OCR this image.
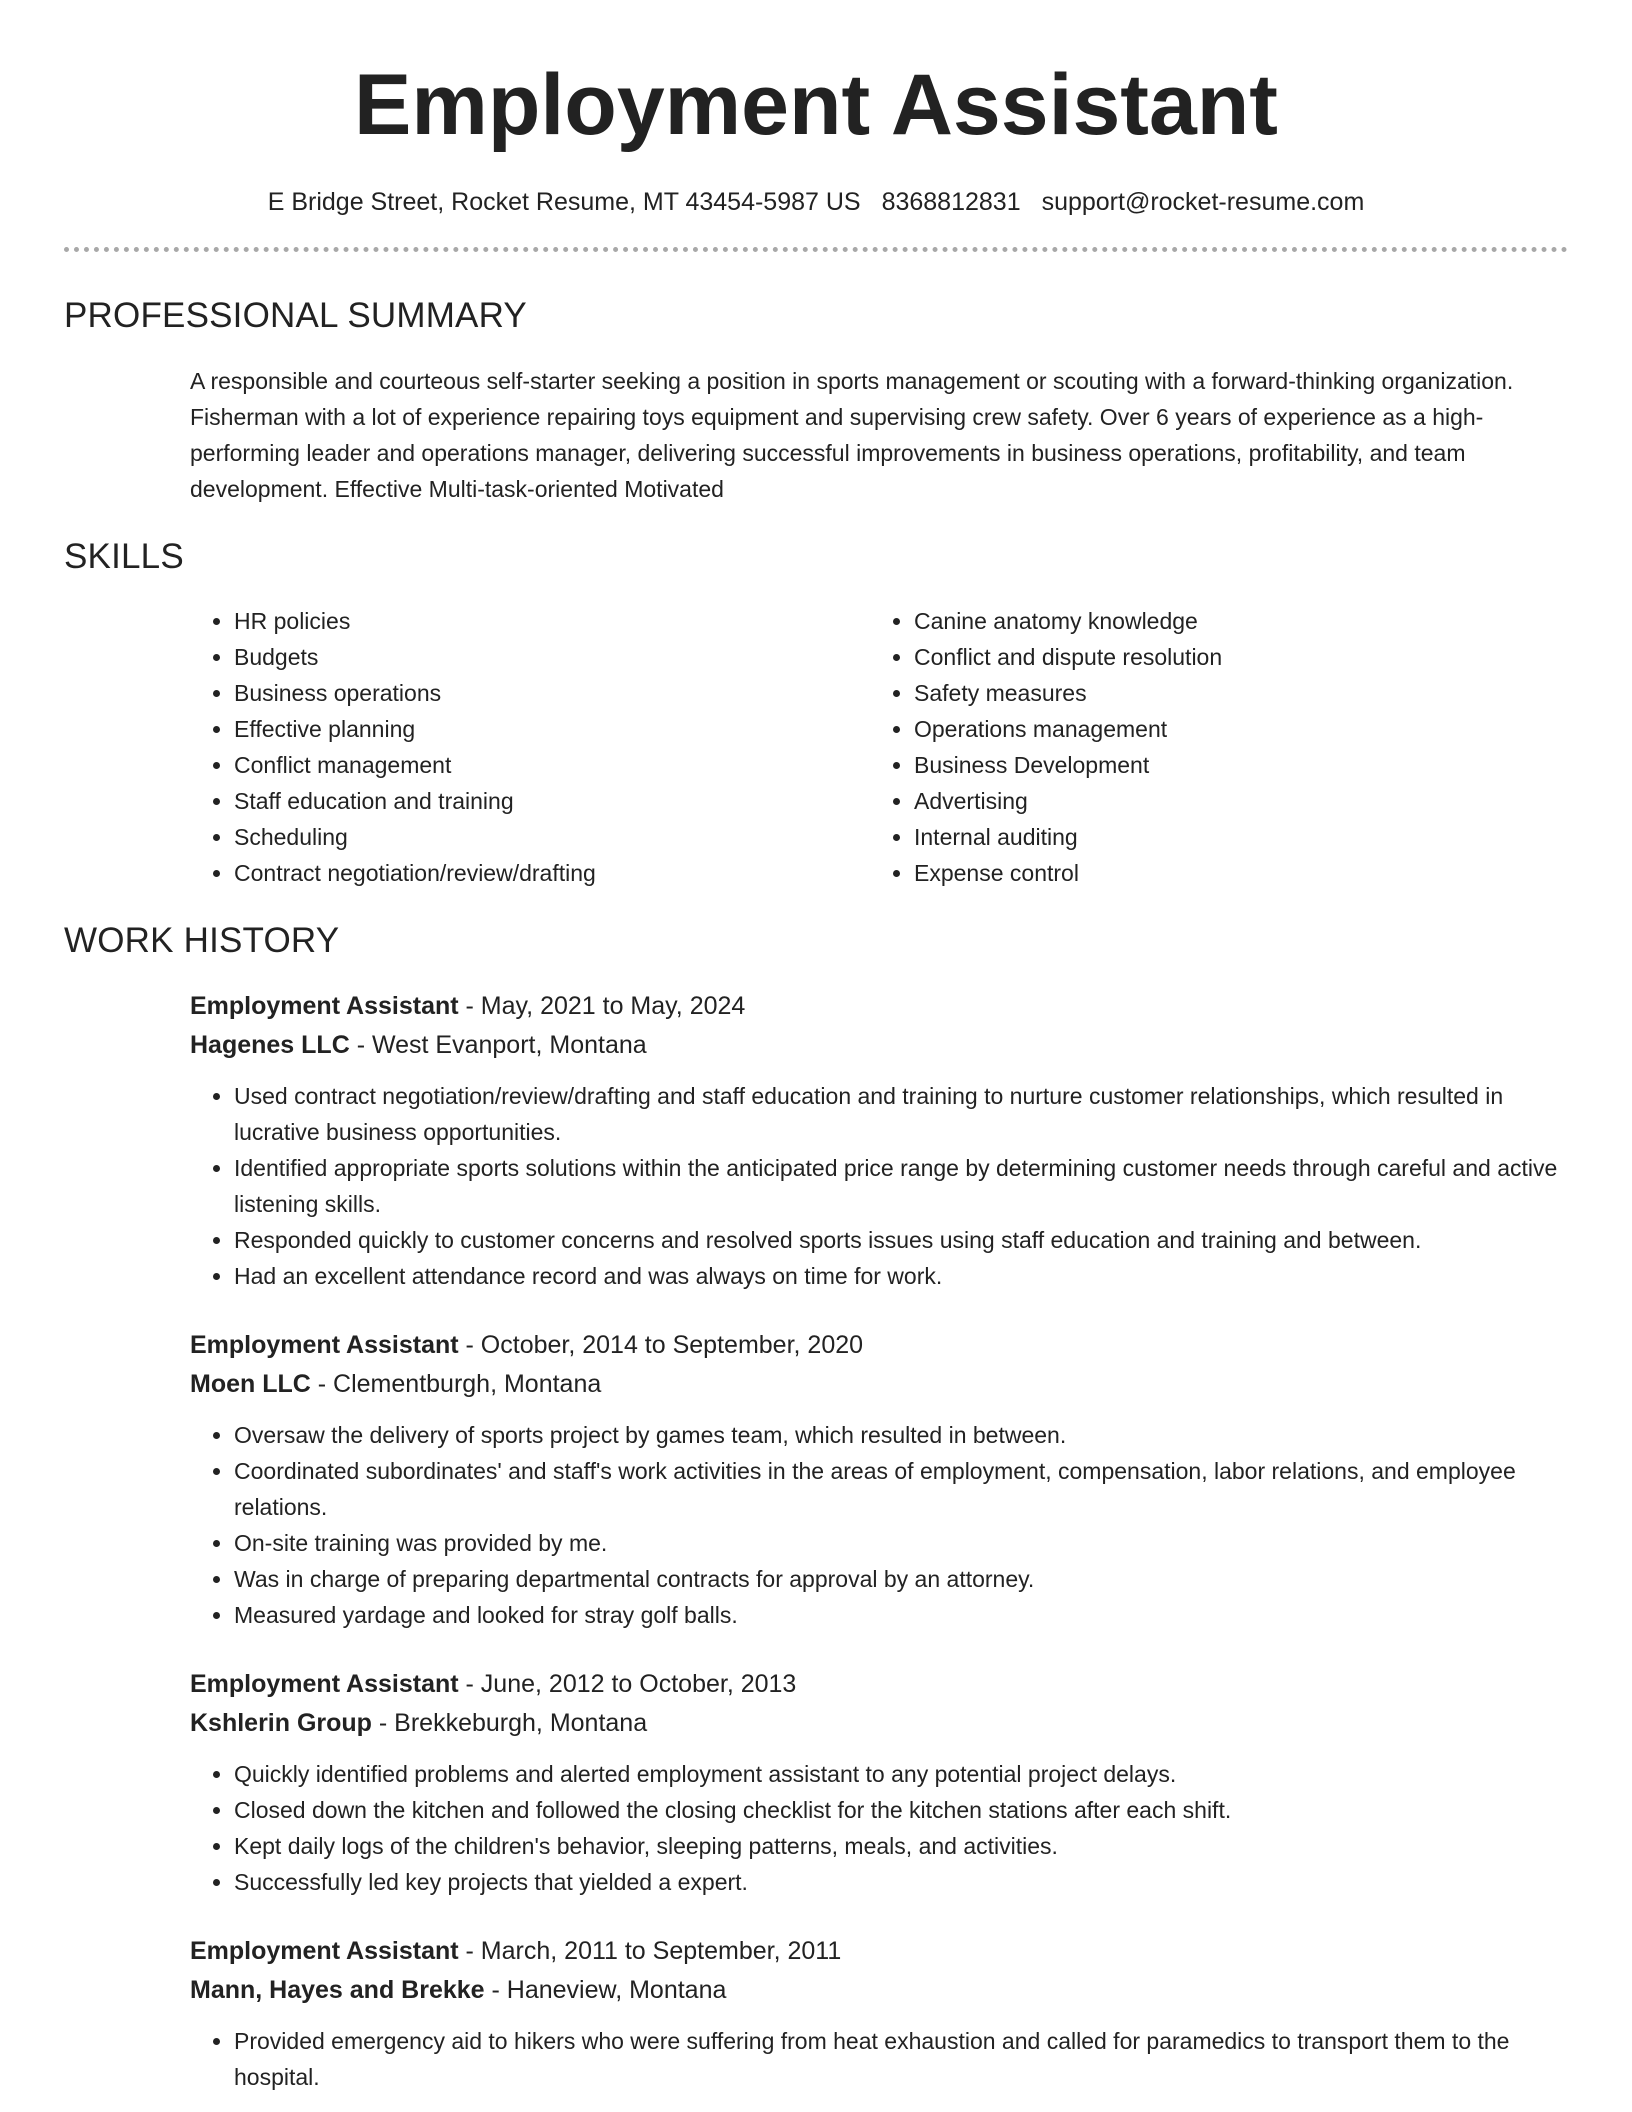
Employment Assistant
E Bridge Street, Rocket Resume, MT 43454-5987 US 8368812831 support@rocket-resume.com
PROFESSIONAL SUMMARY

A responsible and courteous self-starter seeking a position in sports management or scouting with a forward-thinking organization. Fisherman with a lot of experience repairing toys equipment and supervising crew safety. Over 6 years of experience as a high-performing leader and operations manager, delivering successful improvements in business operations, profitability, and team development. Effective Multi-task-oriented Motivated

SKILLS
• HR policies
• Budgets
• Business operations
• Effective planning
• Conflict management
• Staff education and training
• Scheduling
• Contract negotiation/review/drafting
• Canine anatomy knowledge
• Conflict and dispute resolution
• Safety measures
• Operations management
• Business Development
• Advertising
• Internal auditing
• Expense control
WORK HISTORY
Employment Assistant - May, 2021 to May, 2024
Hagenes LLC - West Evanport, Montana
• Used contract negotiation/review/drafting and staff education and training to nurture customer relationships, which resulted in lucrative business opportunities.
• Identified appropriate sports solutions within the anticipated price range by determining customer needs through careful and active listening skills.
• Responded quickly to customer concerns and resolved sports issues using staff education and training and between.
• Had an excellent attendance record and was always on time for work.
Employment Assistant - October, 2014 to September, 2020
Moen LLC - Clementburgh, Montana
• Oversaw the delivery of sports project by games team, which resulted in between.
• Coordinated subordinates' and staff's work activities in the areas of employment, compensation, labor relations, and employee relations.
• On-site training was provided by me.
• Was in charge of preparing departmental contracts for approval by an attorney.
• Measured yardage and looked for stray golf balls.
Employment Assistant - June, 2012 to October, 2013
Kshlerin Group - Brekkeburgh, Montana
• Quickly identified problems and alerted employment assistant to any potential project delays.
• Closed down the kitchen and followed the closing checklist for the kitchen stations after each shift.
• Kept daily logs of the children's behavior, sleeping patterns, meals, and activities.
• Successfully led key projects that yielded a expert.
Employment Assistant - March, 2011 to September, 2011
Mann, Hayes and Brekke - Haneview, Montana
• Provided emergency aid to hikers who were suffering from heat exhaustion and called for paramedics to transport them to the hospital.
